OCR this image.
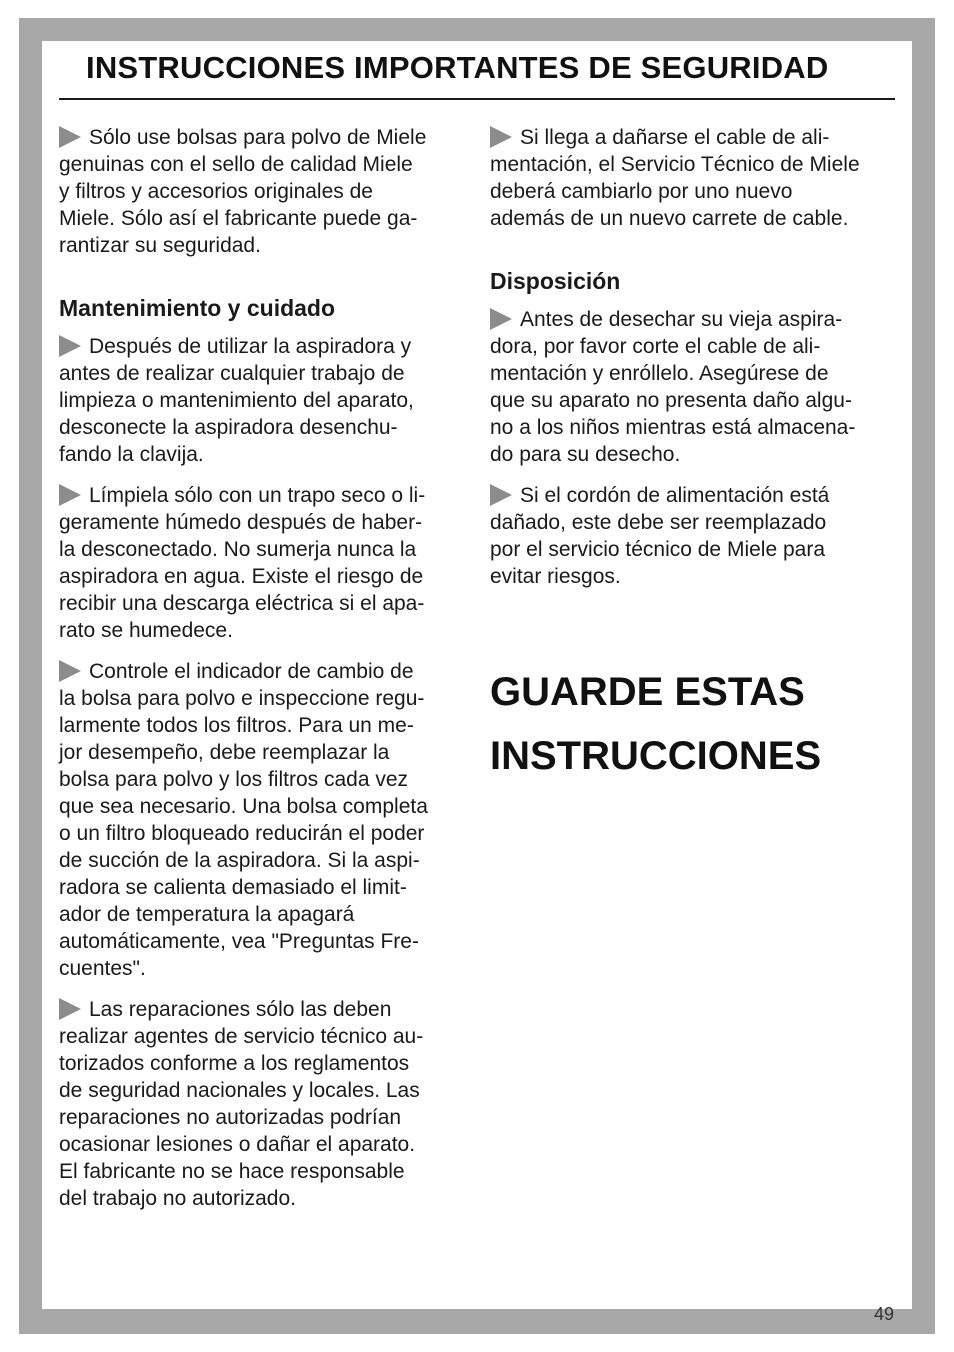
INSTRUCCIONES IMPORTANTES DE SEGURIDAD

Sólo use bolsas para polvo de Miele
genuinas con el sello de calidad Miele
y filtros y accesorios originales de
Miele. Sólo así el fabricante puede ga-
rantizar su seguridad.

Mantenimiento y cuidado

Después de utilizar la aspiradora y
antes de realizar cualquier trabajo de
limpieza o mantenimiento del aparato,
desconecte la aspiradora desenchu-
fando la clavija.

Límpiela sólo con un trapo seco o li-
geramente húmedo después de haber-
la desconectado. No sumerja nunca la
aspiradora en agua. Existe el riesgo de
recibir una descarga eléctrica si el apa-
rato se humedece.

Controle el indicador de cambio de
la bolsa para polvo e inspeccione regu-
larmente todos los filtros. Para un me-
jor desempeño, debe reemplazar la
bolsa para polvo y los filtros cada vez
que sea necesario. Una bolsa completa
o un filtro bloqueado reducirán el poder
de succión de la aspiradora. Si la aspi-
radora se calienta demasiado el limit-
ador de temperatura la apagará
automáticamente, vea "Preguntas Fre-
cuentes".

Las reparaciones sólo las deben
realizar agentes de servicio técnico au-
torizados conforme a los reglamentos
de seguridad nacionales y locales. Las
reparaciones no autorizadas podrían
ocasionar lesiones o dañar el aparato.
El fabricante no se hace responsable
del trabajo no autorizado.

Si llega a dañarse el cable de ali-
mentación, el Servicio Técnico de Miele
deberá cambiarlo por uno nuevo
además de un nuevo carrete de cable.

Disposición

Antes de desechar su vieja aspira-
dora, por favor corte el cable de ali-
mentación y enróllelo. Asegúrese de
que su aparato no presenta daño algu-
no a los niños mientras está almacena-
do para su desecho.

Si el cordón de alimentación está
dañado, este debe ser reemplazado
por el servicio técnico de Miele para
evitar riesgos.

GUARDE ESTAS
INSTRUCCIONES
49
